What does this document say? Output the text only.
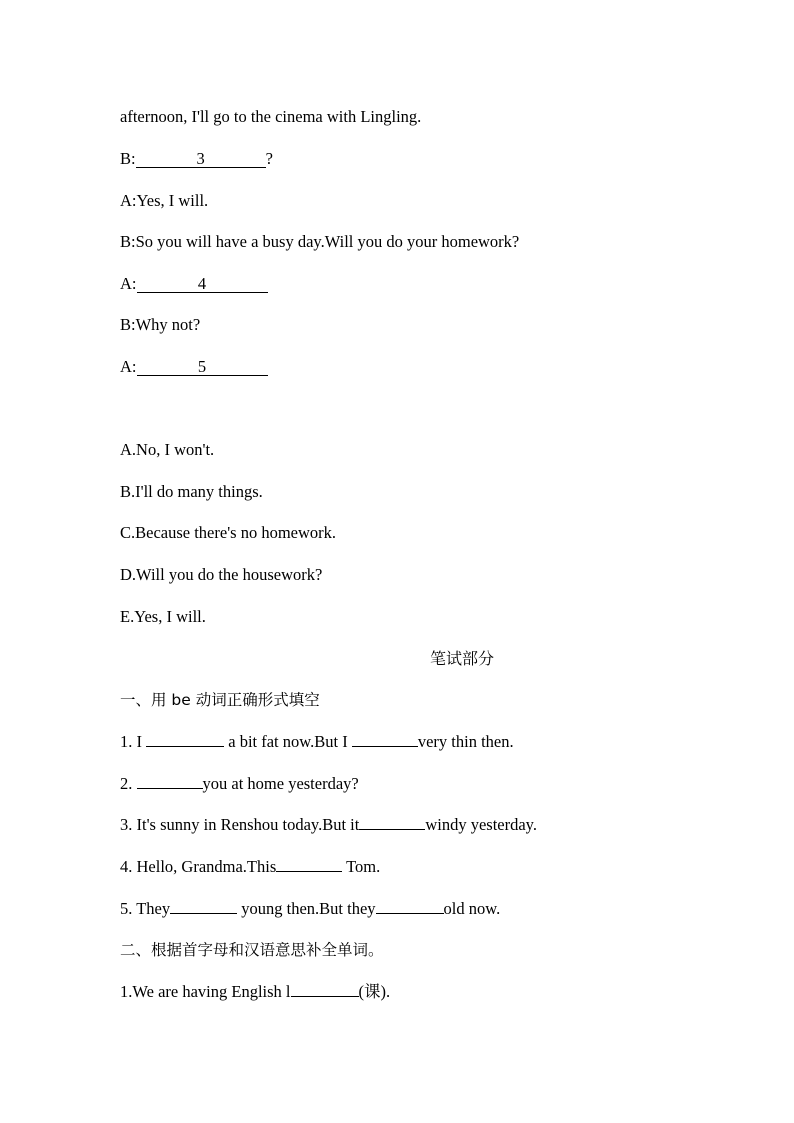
afternoon, I'll go to the cinema with Lingling.
B:	3	?
A:Yes, I will.
B:So you will have a busy day.Will you do your homework?
A:	4
B:Why not?
A:	5
A.No, I won't.
B.I'll do many things.
C.Because there's no homework.
D.Will you do the housework?
E.Yes, I will.
笔试部分
一、用 be 动词正确形式填空
1. I	a bit fat now.But I	very thin then.
2.	you at home yesterday?
3. It's sunny in Renshou today.But it	windy yesterday.
4. Hello, Grandma.This	Tom.
5. They	young then.But they	old now.
二、根据首字母和汉语意思补全单词。
1.We are having English l	(课).
